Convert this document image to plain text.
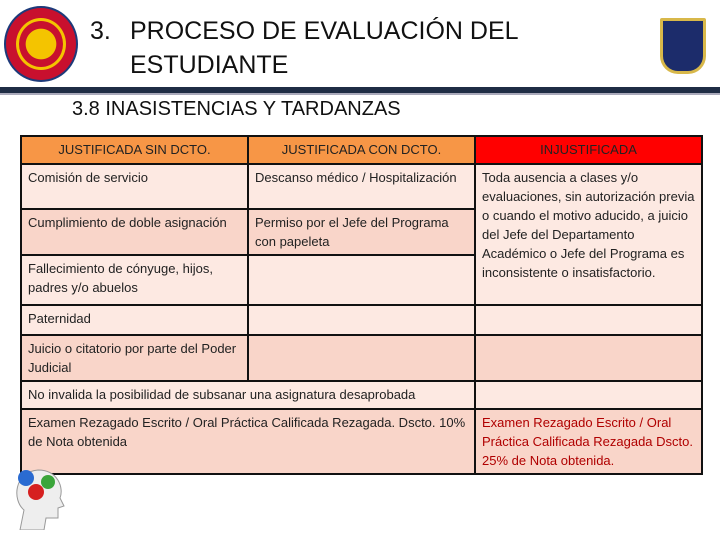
3. PROCESO DE EVALUACIÓN DEL
ESTUDIANTE
3.8 INASISTENCIAS Y TARDANZAS
JUSTIFICADA SIN DCTO.	JUSTIFICADA CON DCTO.	INJUSTIFICADA
Comisión de servicio	Descanso médico / Hospitalización	Toda ausencia a clases y/o evaluaciones, sin autorización previa o cuando el motivo aducido, a juicio del Jefe del Departamento Académico o Jefe del Programa es inconsistente o insatisfactorio.
Cumplimiento de doble asignación	Permiso por el Jefe del Programa con papeleta	
Fallecimiento de cónyuge, hijos, padres y/o abuelos		
Paternidad		
Juicio o citatorio por parte del Poder Judicial		
No invalida la posibilidad de subsanar una asignatura desaprobada		
Examen Rezagado Escrito / Oral Práctica Calificada Rezagada. Dscto. 10% de Nota obtenida		Examen Rezagado Escrito / Oral Práctica Calificada Rezagada Dscto. 25% de Nota obtenida.
